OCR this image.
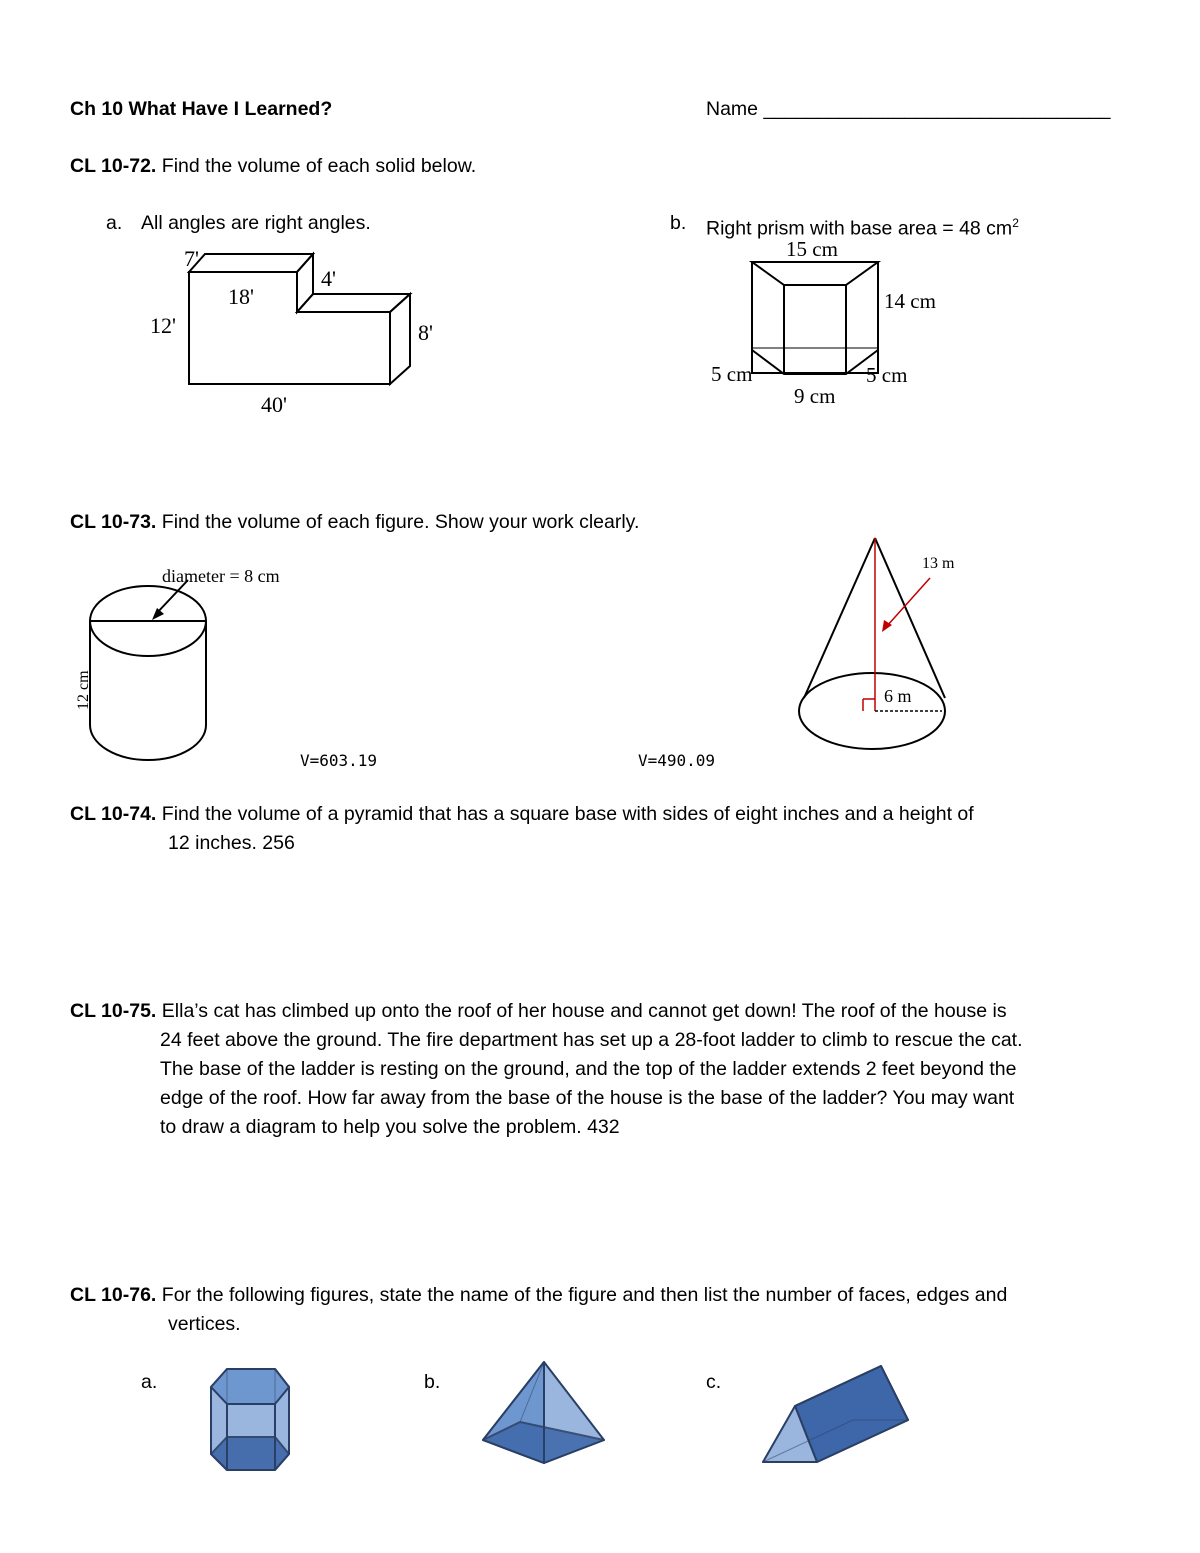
Ch 10 What Have I Learned?	Name ________________________________
CL 10-72. Find the volume of each solid below.
a. All angles are right angles.	b. Right prism with base area = 48 $cm^2$
7'
18'
4'
12'	8'
40'
15 cm
14 cm
5 cm	5 cm
9 cm
CL 10-73. Find the volume of each figure. Show your work clearly.
diameter = 8 cm
12 cm
V=603.19
13 m
6 m
V=490.09
CL 10-74. Find the volume of a pyramid that has a square base with sides of eight inches and a height of
12 inches. 256
CL 10-75. Ella’s cat has climbed up onto the roof of her house and cannot get down! The roof of the house is
24 feet above the ground. The fire department has set up a 28-foot ladder to climb to rescue the cat.
The base of the ladder is resting on the ground, and the top of the ladder extends 2 feet beyond the
edge of the roof. How far away from the base of the house is the base of the ladder? You may want
to draw a diagram to help you solve the problem. 432
CL 10-76. For the following figures, state the name of the figure and then list the number of faces, edges and
vertices.
a.	b.	c.
